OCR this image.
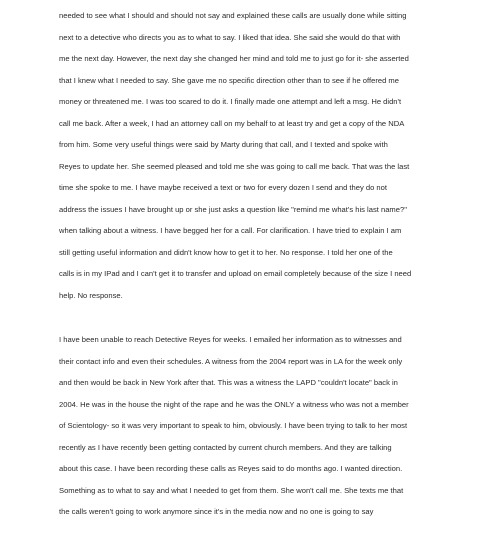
needed to see what I should and should not say and explained these calls are usually done while sitting
next to a detective who directs you as to what to say. I liked that idea. She said she would do that with
me the next day. However, the next day she changed her mind and told me to just go for it- she asserted
that I knew what I needed to say. She gave me no specific direction other than to see if he offered me
money or threatened me. I was too scared to do it. I finally made one attempt and left a msg. He didn't
call me back. After a week, I had an attorney call on my behalf to at least try and get a copy of the NDA
from him. Some very useful things were said by Marty during that call, and I texted and spoke with
Reyes to update her. She seemed pleased and told me she was going to call me back. That was the last
time she spoke to me. I have maybe received a text or two for every dozen I send and they do not
address the issues I have brought up or she just asks a question like "remind me what's his last name?"
when talking about a witness. I have begged her for a call. For clarification. I have tried to explain I am
still getting useful information and didn't know how to get it to her. No response. I told her one of the
calls is in my IPad and I can't get it to transfer and upload on email completely because of the size I need
help. No response.
I have been unable to reach Detective Reyes for weeks. I emailed her information as to witnesses and
their contact info and even their schedules. A witness from the 2004 report was in LA for the week only
and then would be back in New York after that. This was a witness the LAPD "couldn't locate" back in
2004. He was in the house the night of the rape and he was the ONLY a witness who was not a member
of Scientology- so it was very important to speak to him, obviously. I have been trying to talk to her most
recently as I have recently been getting contacted by current church members. And they are talking
about this case. I have been recording these calls as Reyes said to do months ago. I wanted direction.
Something as to what to say and what I needed to get from them. She won't call me. She texts me that
the calls weren't going to work anymore since it's in the media now and no one is going to say
